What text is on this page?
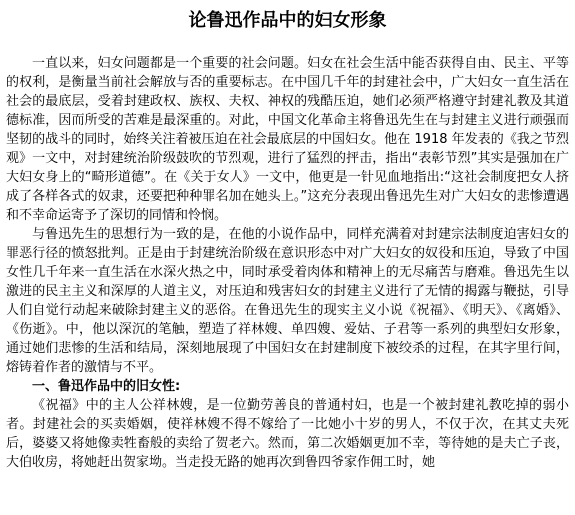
论鲁迅作品中的妇女形象

一直以来，妇女问题都是一个重要的社会问题。妇女在社会生活中能否获得自由、民主、平等的权利，是衡量当前社会解放与否的重要标志。在中国几千年的封建社会中，广大妇女一直生活在社会的最底层，受着封建政权、族权、夫权、神权的残酷压迫，她们必须严格遵守封建礼教及其道德标准，因而所受的苦难是最深重的。对此，中国文化革命主将鲁迅先生在与封建主义进行顽强而坚韧的战斗的同时，始终关注着被压迫在社会最底层的中国妇女。他在 1918 年发表的《我之节烈观》一文中，对封建统治阶级鼓吹的节烈观，进行了猛烈的抨击，指出“表彰节烈”其实是强加在广大妇女身上的“畸形道德”。在《关于女人》一文中，他更是一针见血地指出:“这社会制度把女人挤成了各样各式的奴隶，还要把种种罪名加在她头上。”这充分表现出鲁迅先生对广大妇女的悲惨遭遇和不幸命运寄予了深切的同情和怜悯。

与鲁迅先生的思想行为一致的是，在他的小说作品中，同样充满着对封建宗法制度迫害妇女的罪恶行径的愤怒批判。正是由于封建统治阶级在意识形态中对广大妇女的奴役和压迫，导致了中国女性几千年来一直生活在水深火热之中，同时承受着肉体和精神上的无尽痛苦与磨难。鲁迅先生以激进的民主主义和深厚的人道主义，对压迫和残害妇女的封建主义进行了无情的揭露与鞭挞，引导人们自觉行动起来破除封建主义的恶俗。在鲁迅先生的现实主义小说《祝福》、《明天》、《离婚》、《伤逝》。中，他以深沉的笔触，塑造了祥林嫂、单四嫂、爱姑、子君等一系列的典型妇女形象，通过她们悲惨的生活和结局，深刻地展现了中国妇女在封建制度下被绞杀的过程，在其字里行间，熔铸着作者的激情与不平。

一、鲁迅作品中的旧女性:

《祝福》中的主人公祥林嫂，是一位勤劳善良的普通村妇，也是一个被封建礼教吃掉的弱小者。封建社会的买卖婚姻，使祥林嫂不得不嫁给了一比她小十岁的男人，不仅于次，在其丈夫死后，婆婆又将她像卖牲畜般的卖给了贺老六。然而，第二次婚姻更加不幸，等待她的是夫亡子丧，大伯收房，将她赶出贺家坳。当走投无路的她再次到鲁四爷家作佣工时，她
